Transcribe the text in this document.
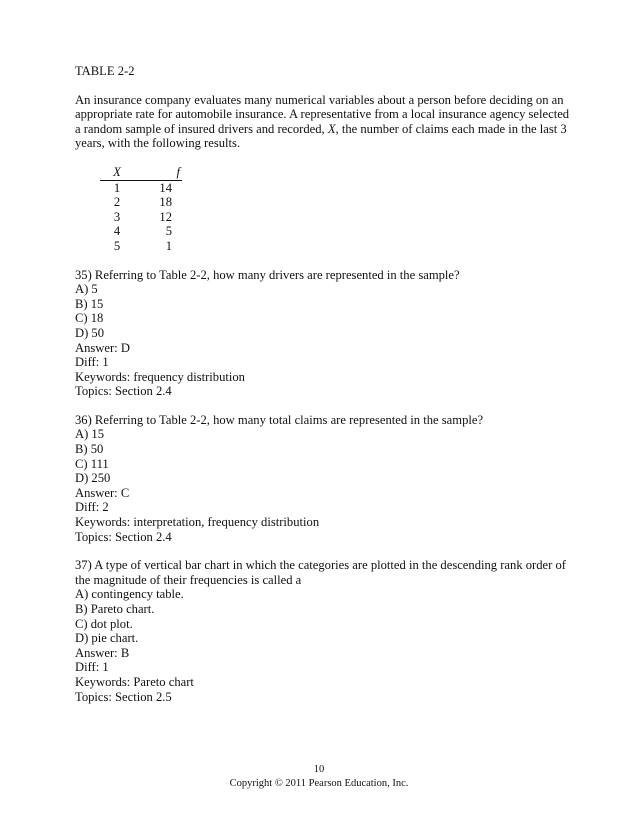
TABLE 2-2
An insurance company evaluates many numerical variables about a person before deciding on an appropriate rate for automobile insurance. A representative from a local insurance agency selected a random sample of insured drivers and recorded, X, the number of claims each made in the last 3 years, with the following results.
X	f
1	14
2	18
3	12
4	5
5	1
35) Referring to Table 2-2, how many drivers are represented in the sample?
A) 5
B) 15
C) 18
D) 50
Answer: D
Diff: 1
Keywords: frequency distribution
Topics: Section 2.4
36) Referring to Table 2-2, how many total claims are represented in the sample?
A) 15
B) 50
C) 111
D) 250
Answer: C
Diff: 2
Keywords: interpretation, frequency distribution
Topics: Section 2.4
37) A type of vertical bar chart in which the categories are plotted in the descending rank order of the magnitude of their frequencies is called a
A) contingency table.
B) Pareto chart.
C) dot plot.
D) pie chart.
Answer: B
Diff: 1
Keywords: Pareto chart
Topics: Section 2.5
10
Copyright © 2011 Pearson Education, Inc.
